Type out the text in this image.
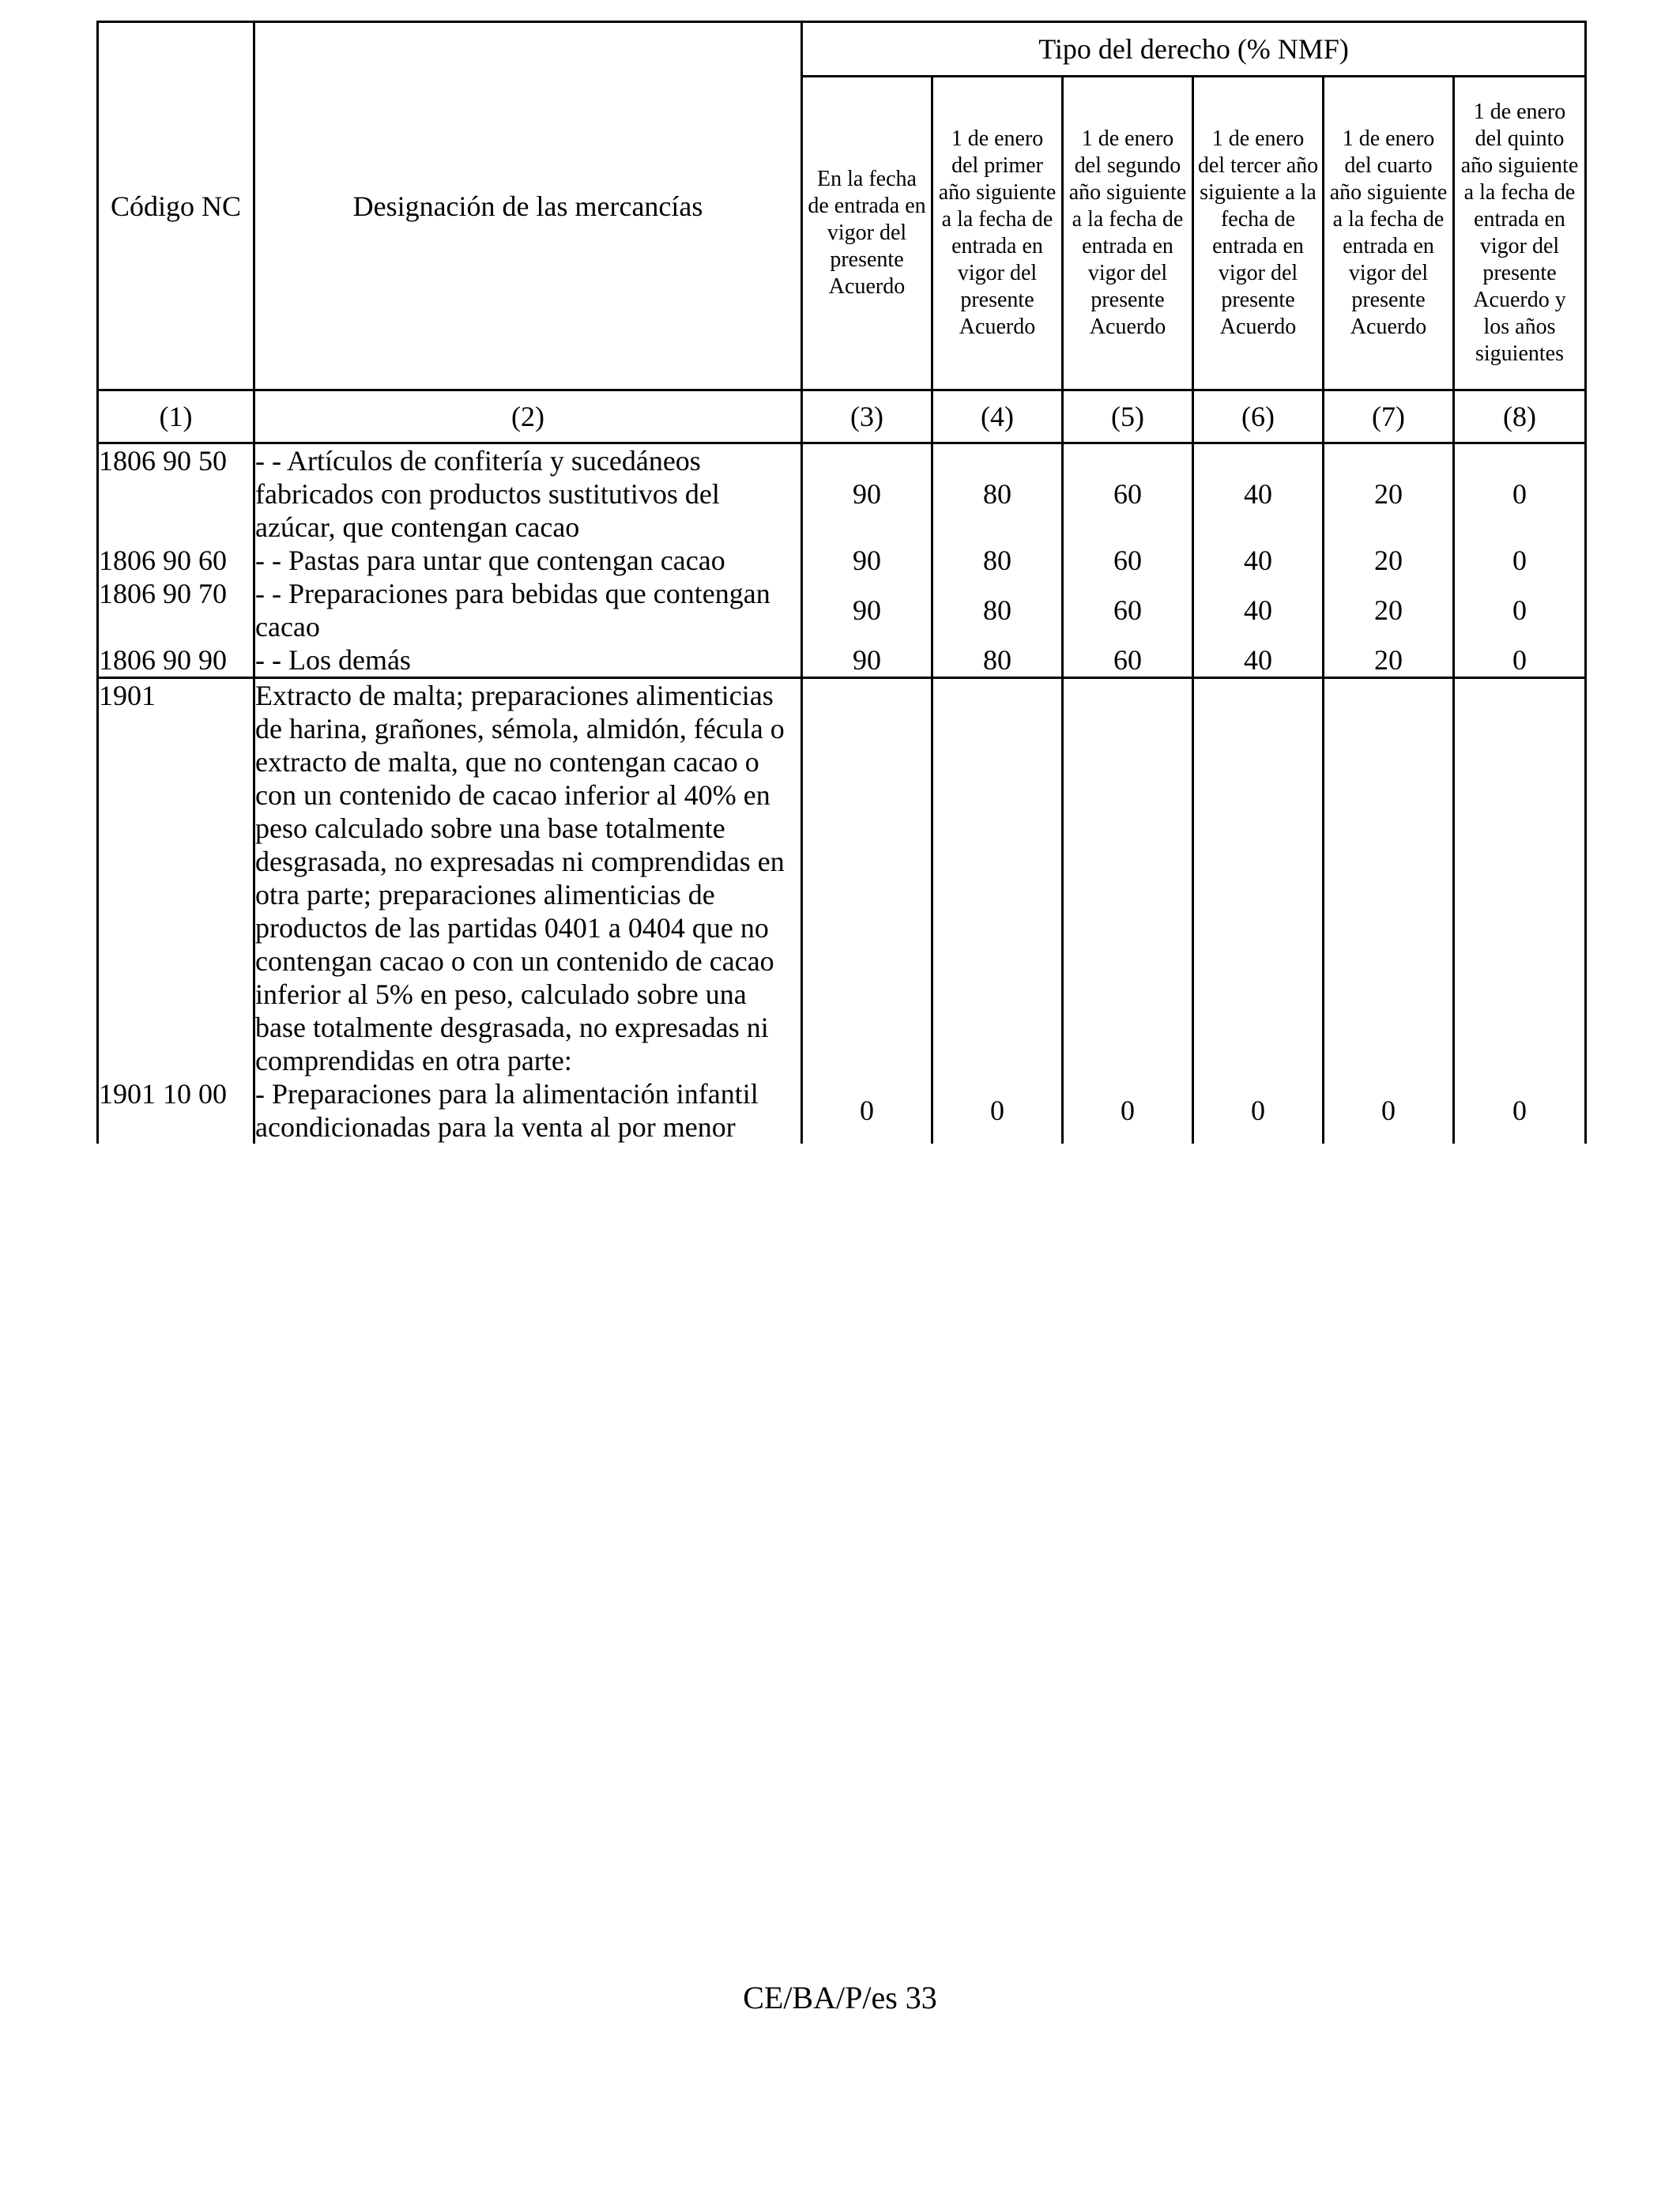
Código NC	Designación de las mercancías	Tipo del derecho (% NMF)					
		En la fecha de entrada en vigor del presente Acuerdo	1 de enero del primer año siguiente a la fecha de entrada en vigor del presente Acuerdo	1 de enero del segundo año siguiente a la fecha de entrada en vigor del presente Acuerdo	1 de enero del tercer año siguiente a la fecha de entrada en vigor del presente Acuerdo	1 de enero del cuarto año siguiente a la fecha de entrada en vigor del presente Acuerdo	1 de enero del quinto año siguiente a la fecha de entrada en vigor del presente Acuerdo y los años siguientes
(1)	(2)	(3)	(4)	(5)	(6)	(7)	(8)
1806 90 50	- - Artículos de confitería y sucedáneos fabricados con productos sustitutivos del azúcar, que contengan cacao	90	80	60	40	20	0
1806 90 60	- - Pastas para untar que contengan cacao	90	80	60	40	20	0
1806 90 70	- - Preparaciones para bebidas que contengan cacao	90	80	60	40	20	0
1806 90 90	- - Los demás	90	80	60	40	20	0
1901	Extracto de malta; preparaciones alimenticias de harina, grañones, sémola, almidón, fécula o extracto de malta, que no contengan cacao o con un contenido de cacao inferior al 40% en peso calculado sobre una base totalmente desgrasada, no expresadas ni comprendidas en otra parte; preparaciones alimenticias de productos de las partidas 0401 a 0404 que no contengan cacao o con un contenido de cacao inferior al 5% en peso, calculado sobre una base totalmente desgrasada, no expresadas ni comprendidas en otra parte:						
1901 10 00	- Preparaciones para la alimentación infantil acondicionadas para la venta al por menor	0	0	0	0	0	0
CE/BA/P/es 33
